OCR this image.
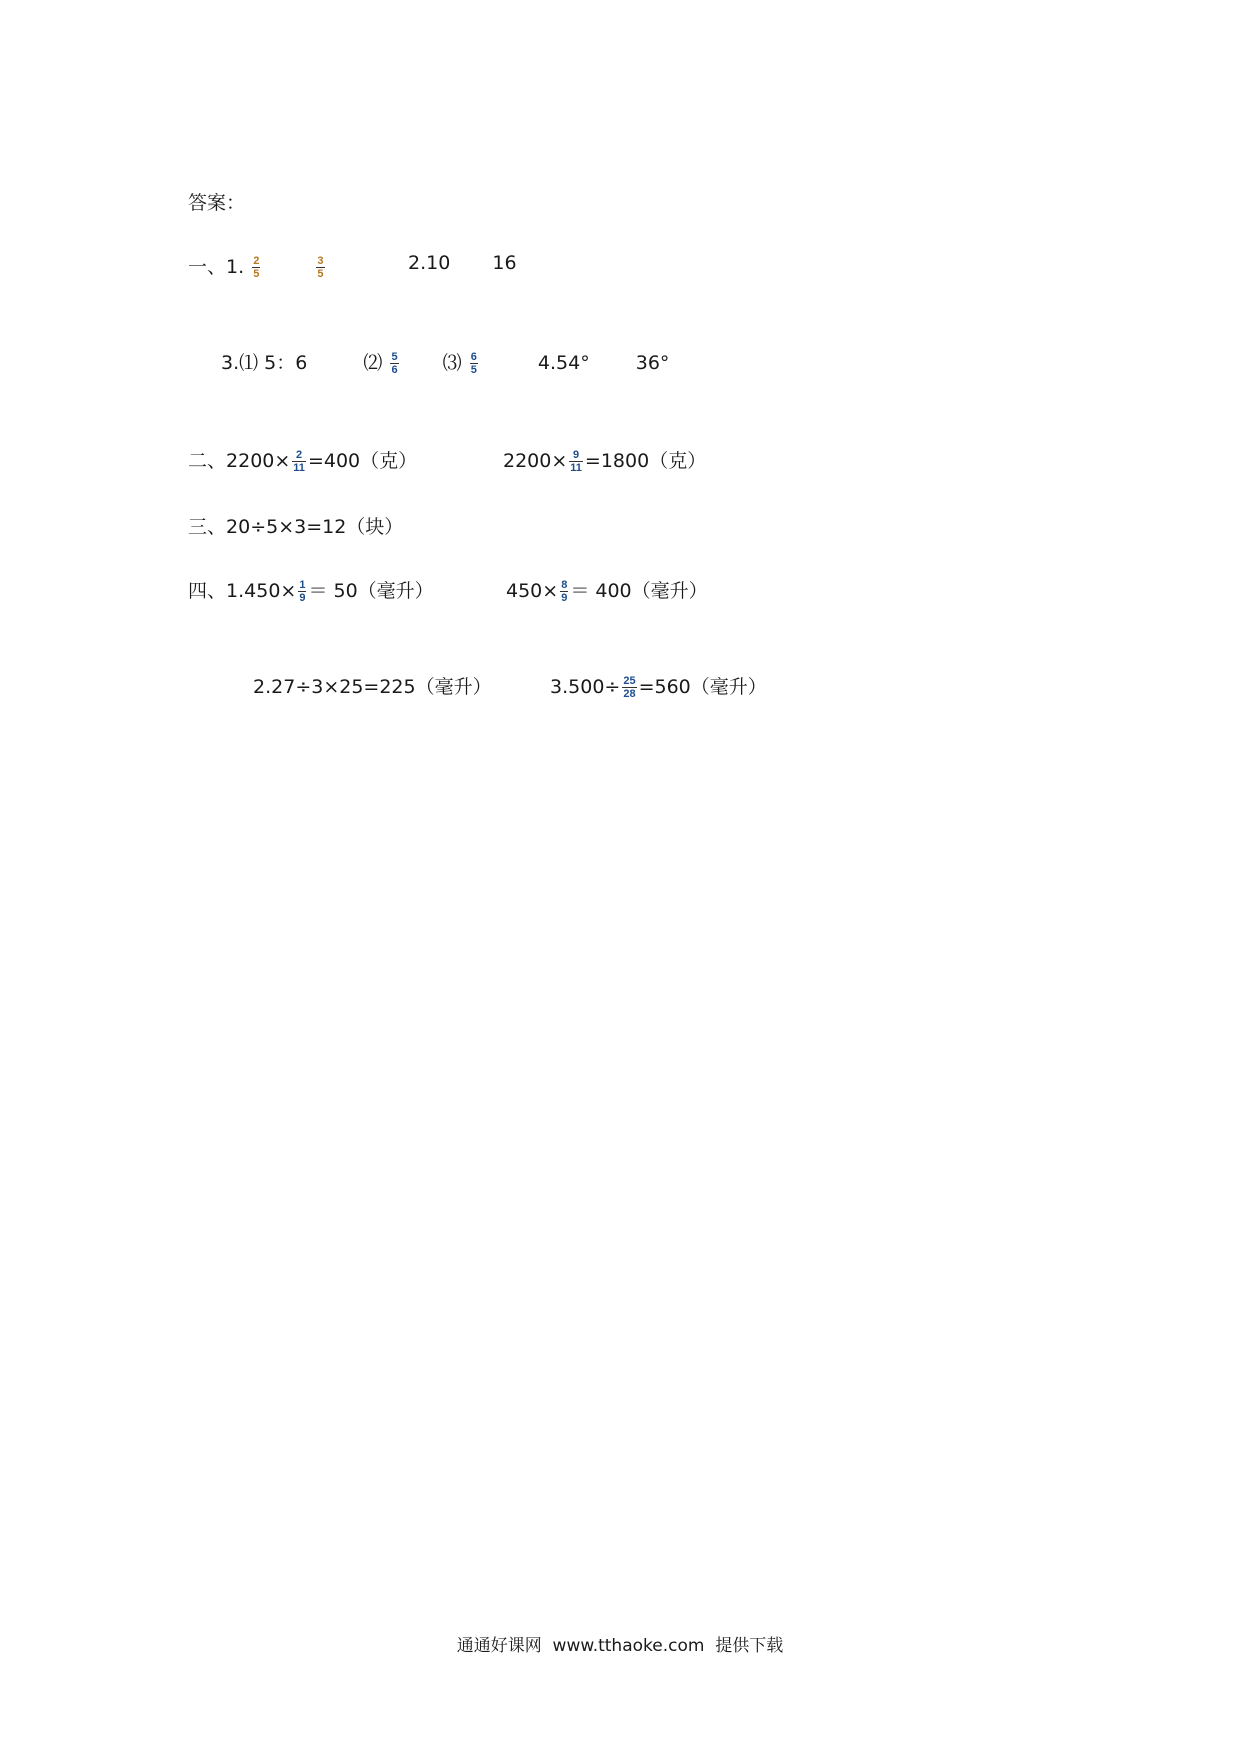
答案：
一、1. $\frac{2}{5}$
	$\frac{3}{5}$	2.10 16
3.⑴ 5：6	⑵ $\frac{5}{6}$ ⑶ $\frac{6}{5}$	4.54° 36°
二、$2200\times \frac{2}{11} =400$（克）	$2200\times \frac{9}{11} =1800$（克）
三、20÷5×3=12（块）
四、$1.450\times \frac{1}{9} = 50$（毫升）	$450\times \frac{8}{9} = 400$（毫升）
2.27÷3×25=225（毫升）	$3.500\div \frac{25}{28} =560$（毫升）
通通好课网  www.tthaoke.com  提供下载
